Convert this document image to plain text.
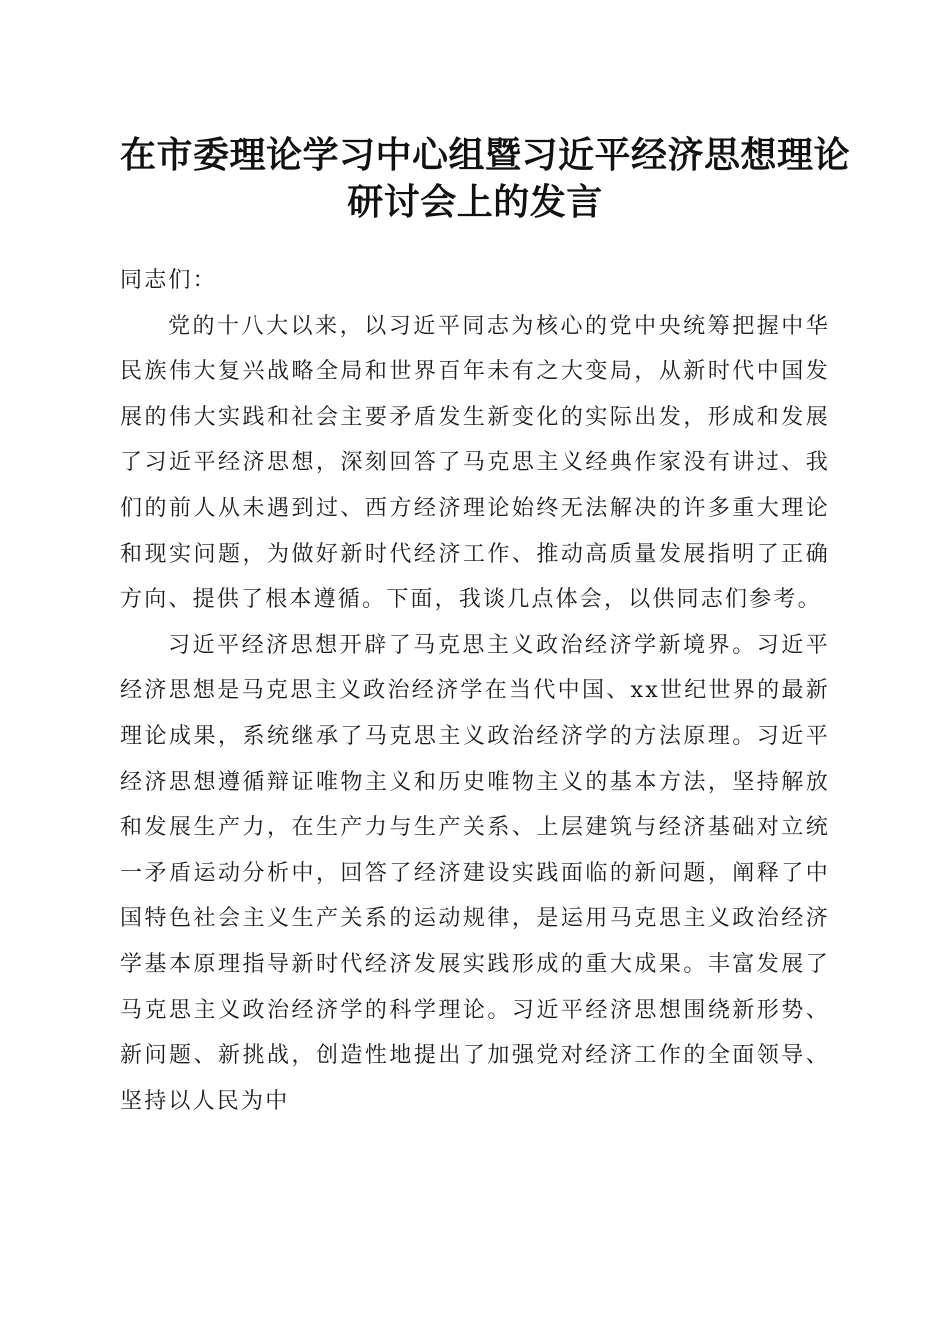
在市委理论学习中心组暨习近平经济思想理论
研讨会上的发言

同志们：

党的十八大以来，以习近平同志为核心的党中央统筹把握中华民族伟大复兴战略全局和世界百年未有之大变局，从新时代中国发展的伟大实践和社会主要矛盾发生新变化的实际出发，形成和发展了习近平经济思想，深刻回答了马克思主义经典作家没有讲过、我们的前人从未遇到过、西方经济理论始终无法解决的许多重大理论和现实问题，为做好新时代经济工作、推动高质量发展指明了正确方向、提供了根本遵循。下面，我谈几点体会，以供同志们参考。

习近平经济思想开辟了马克思主义政治经济学新境界。习近平经济思想是马克思主义政治经济学在当代中国、xx世纪世界的最新理论成果，系统继承了马克思主义政治经济学的方法原理。习近平经济思想遵循辩证唯物主义和历史唯物主义的基本方法，坚持解放和发展生产力，在生产力与生产关系、上层建筑与经济基础对立统一矛盾运动分析中，回答了经济建设实践面临的新问题，阐释了中国特色社会主义生产关系的运动规律，是运用马克思主义政治经济学基本原理指导新时代经济发展实践形成的重大成果。丰富发展了马克思主义政治经济学的科学理论。习近平经济思想围绕新形势、新问题、新挑战，创造性地提出了加强党对经济工作的全面领导、坚持以人民为中
